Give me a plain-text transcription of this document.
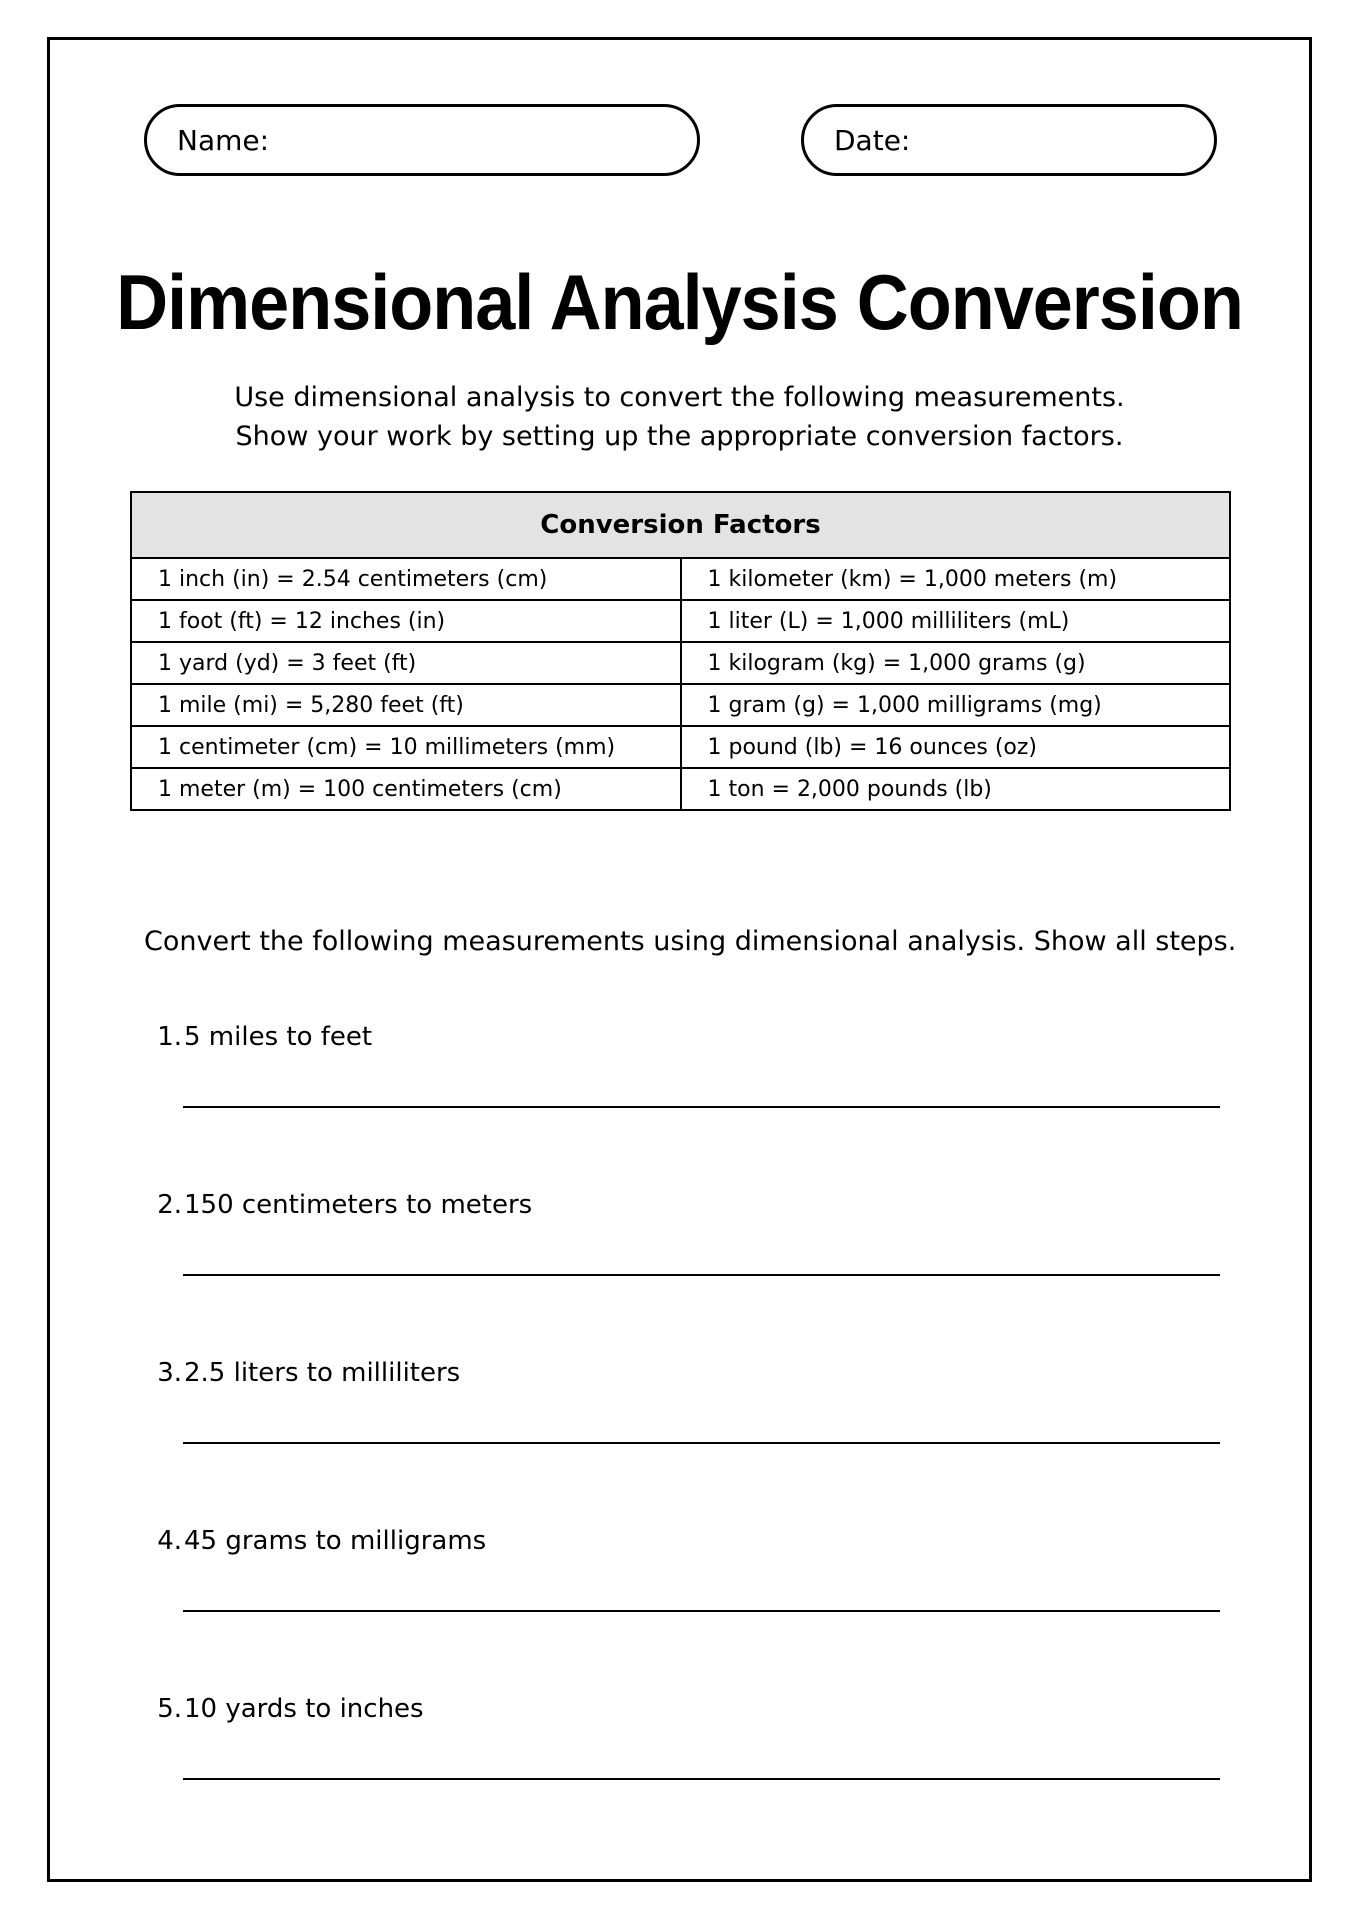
Name:	Date:
Dimensional Analysis Conversion
Use dimensional analysis to convert the following measurements.
Show your work by setting up the appropriate conversion factors.
Conversion Factors	
1 inch (in) = 2.54 centimeters (cm)	1 kilometer (km) = 1,000 meters (m)
1 foot (ft) = 12 inches (in)	1 liter (L) = 1,000 milliliters (mL)
1 yard (yd) = 3 feet (ft)	1 kilogram (kg) = 1,000 grams (g)
1 mile (mi) = 5,280 feet (ft)	1 gram (g) = 1,000 milligrams (mg)
1 centimeter (cm) = 10 millimeters (mm)	1 pound (lb) = 16 ounces (oz)
1 meter (m) = 100 centimeters (cm)	1 ton = 2,000 pounds (lb)
Convert the following measurements using dimensional analysis. Show all steps.
1. 5 miles to feet
2. 150 centimeters to meters
3. 2.5 liters to milliliters
4. 45 grams to milligrams
5. 10 yards to inches
